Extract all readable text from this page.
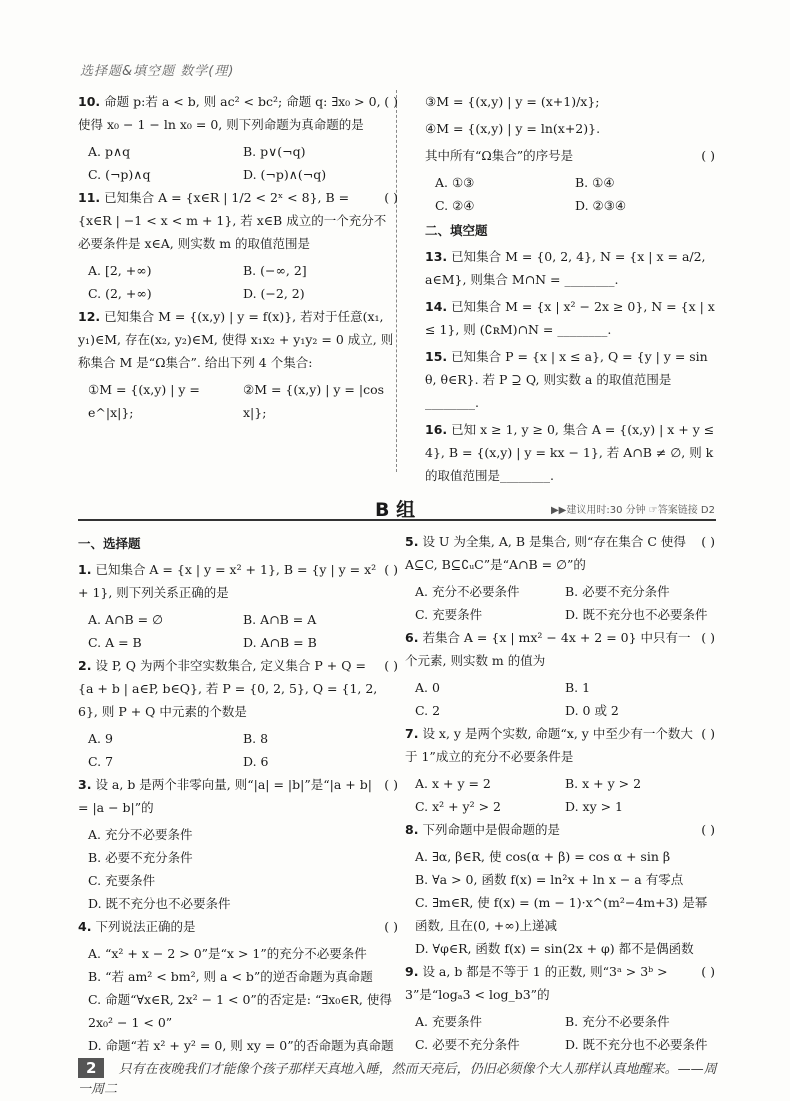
选择题&填空题 数学(理)
( )
10. 命题 p:若 a < b, 则 ac² < bc²; 命题 q: ∃x₀ > 0, 使得 x₀ − 1 − ln x₀ = 0, 则下列命题为真命题的是
A. p∧q	B. p∨(¬q)
C. (¬p)∧q	D. (¬p)∧(¬q)
( )
11. 已知集合 A = {x∈R | 1/2 < 2ˣ < 8}, B = {x∈R | −1 < x < m + 1}, 若 x∈B 成立的一个充分不必要条件是 x∈A, 则实数 m 的取值范围是
A. [2, +∞)	B. (−∞, 2]
C. (2, +∞)	D. (−2, 2)
12. 已知集合 M = {(x,y) | y = f(x)}, 若对于任意(x₁, y₁)∈M, 存在(x₂, y₂)∈M, 使得 x₁x₂ + y₁y₂ = 0 成立, 则称集合 M 是“Ω集合”. 给出下列 4 个集合:
①M = {(x,y) | y = e^|x|};
②M = {(x,y) | y = |cos x|};
③M = {(x,y) | y = (x+1)/x};
④M = {(x,y) | y = ln(x+2)}.
( )
其中所有“Ω集合”的序号是
A. ①③	B. ①④
C. ②④	D. ②③④
二、填空题
13. 已知集合 M = {0, 2, 4}, N = {x | x = a/2, a∈M}, 则集合 M∩N = ________.
14. 已知集合 M = {x | x² − 2x ≥ 0}, N = {x | x ≤ 1}, 则 (∁ʀM)∩N = ________.
15. 已知集合 P = {x | x ≤ a}, Q = {y | y = sin θ, θ∈R}. 若 P ⊇ Q, 则实数 a 的取值范围是________.
16. 已知 x ≥ 1, y ≥ 0, 集合 A = {(x,y) | x + y ≤ 4}, B = {(x,y) | y = kx − 1}, 若 A∩B ≠ ∅, 则 k 的取值范围是________.
B 组	▶▶建议用时:30 分钟 ☞答案链接 D2
一、选择题
( )
1. 已知集合 A = {x | y = x² + 1}, B = {y | y = x² + 1}, 则下列关系正确的是
A. A∩B = ∅	B. A∩B = A
C. A = B	D. A∩B = B
( )
2. 设 P, Q 为两个非空实数集合, 定义集合 P + Q = {a + b | a∈P, b∈Q}, 若 P = {0, 2, 5}, Q = {1, 2, 6}, 则 P + Q 中元素的个数是
A. 9	B. 8
C. 7	D. 6
( )
3. 设 a, b 是两个非零向量, 则“|a| = |b|”是“|a + b| = |a − b|”的
A. 充分不必要条件
B. 必要不充分条件
C. 充要条件
D. 既不充分也不必要条件
( )
4. 下列说法正确的是
A. “x² + x − 2 > 0”是“x > 1”的充分不必要条件
B. “若 am² < bm², 则 a < b”的逆否命题为真命题
C. 命题“∀x∈R, 2x² − 1 < 0”的否定是: “∃x₀∈R, 使得 2x₀² − 1 < 0”
D. 命题“若 x² + y² = 0, 则 xy = 0”的否命题为真命题
( )
5. 设 U 为全集, A, B 是集合, 则“存在集合 C 使得 A⊆C, B⊆∁ᵤC”是“A∩B = ∅”的
A. 充分不必要条件	B. 必要不充分条件
C. 充要条件	D. 既不充分也不必要条件
( )
6. 若集合 A = {x | mx² − 4x + 2 = 0} 中只有一个元素, 则实数 m 的值为
A. 0	B. 1
C. 2	D. 0 或 2
( )
7. 设 x, y 是两个实数, 命题“x, y 中至少有一个数大于 1”成立的充分不必要条件是
A. x + y = 2	B. x + y > 2
C. x² + y² > 2	D. xy > 1
( )
8. 下列命题中是假命题的是
A. ∃α, β∈R, 使 cos(α + β) = cos α + sin β
B. ∀a > 0, 函数 f(x) = ln²x + ln x − a 有零点
C. ∃m∈R, 使 f(x) = (m − 1)·x^(m²−4m+3) 是幂函数, 且在(0, +∞)上递减
D. ∀φ∈R, 函数 f(x) = sin(2x + φ) 都不是偶函数
( )
9. 设 a, b 都是不等于 1 的正数, 则“3ᵃ > 3ᵇ > 3”是“logₐ3 < log_b3”的
A. 充要条件	B. 充分不必要条件
C. 必要不充分条件	D. 既不充分也不必要条件
2 只有在夜晚我们才能像个孩子那样天真地入睡，然而天亮后，仍旧必须像个大人那样认真地醒来。——周一周二
